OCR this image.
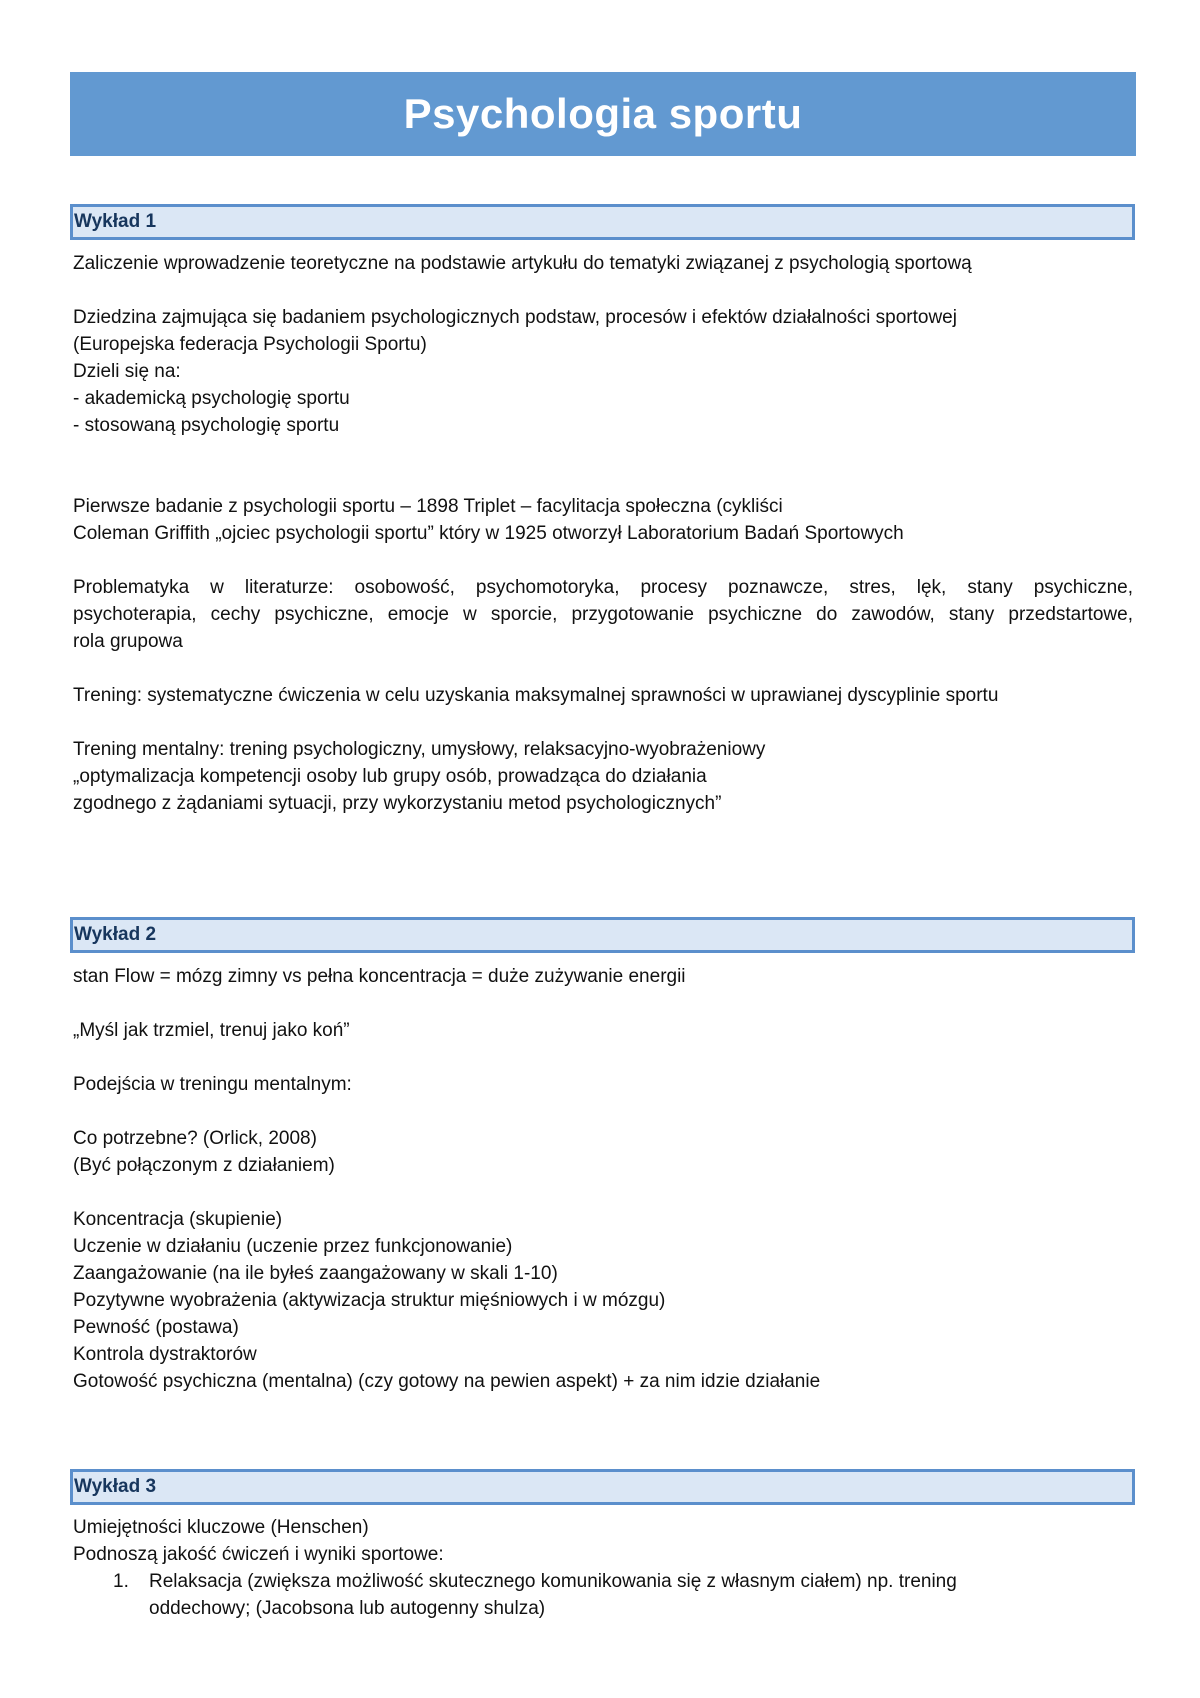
Psychologia sportu
Wykład 1
Zaliczenie wprowadzenie teoretyczne na podstawie artykułu do tematyki związanej z psychologią sportową
Dziedzina zajmująca się badaniem psychologicznych podstaw, procesów i efektów działalności sportowej
(Europejska federacja Psychologii Sportu)
Dzieli się na:
- akademicką psychologię sportu
- stosowaną psychologię sportu
Pierwsze badanie z psychologii sportu – 1898 Triplet – facylitacja społeczna (cykliści
Coleman Griffith „ojciec psychologii sportu” który w 1925 otworzył Laboratorium Badań Sportowych
Problematyka w literaturze: osobowość, psychomotoryka, procesy poznawcze, stres, lęk, stany psychiczne,
psychoterapia, cechy psychiczne, emocje w sporcie, przygotowanie psychiczne do zawodów, stany przedstartowe,
rola grupowa
Trening: systematyczne ćwiczenia w celu uzyskania maksymalnej sprawności w uprawianej dyscyplinie sportu
Trening mentalny: trening psychologiczny, umysłowy, relaksacyjno-wyobrażeniowy
„optymalizacja kompetencji osoby lub grupy osób, prowadząca do działania
zgodnego z żądaniami sytuacji, przy wykorzystaniu metod psychologicznych”
Wykład 2
stan Flow = mózg zimny vs pełna koncentracja = duże zużywanie energii
„Myśl jak trzmiel, trenuj jako koń”
Podejścia w treningu mentalnym:
Co potrzebne? (Orlick, 2008)
(Być połączonym z działaniem)
Koncentracja (skupienie)
Uczenie w działaniu (uczenie przez funkcjonowanie)
Zaangażowanie (na ile byłeś zaangażowany w skali 1-10)
Pozytywne wyobrażenia (aktywizacja struktur mięśniowych i w mózgu)
Pewność (postawa)
Kontrola dystraktorów
Gotowość psychiczna (mentalna) (czy gotowy na pewien aspekt) + za nim idzie działanie
Wykład 3
Umiejętności kluczowe (Henschen)
Podnoszą jakość ćwiczeń i wyniki sportowe:
1. Relaksacja (zwiększa możliwość skutecznego komunikowania się z własnym ciałem) np. trening
oddechowy; (Jacobsona lub autogenny shulza)
